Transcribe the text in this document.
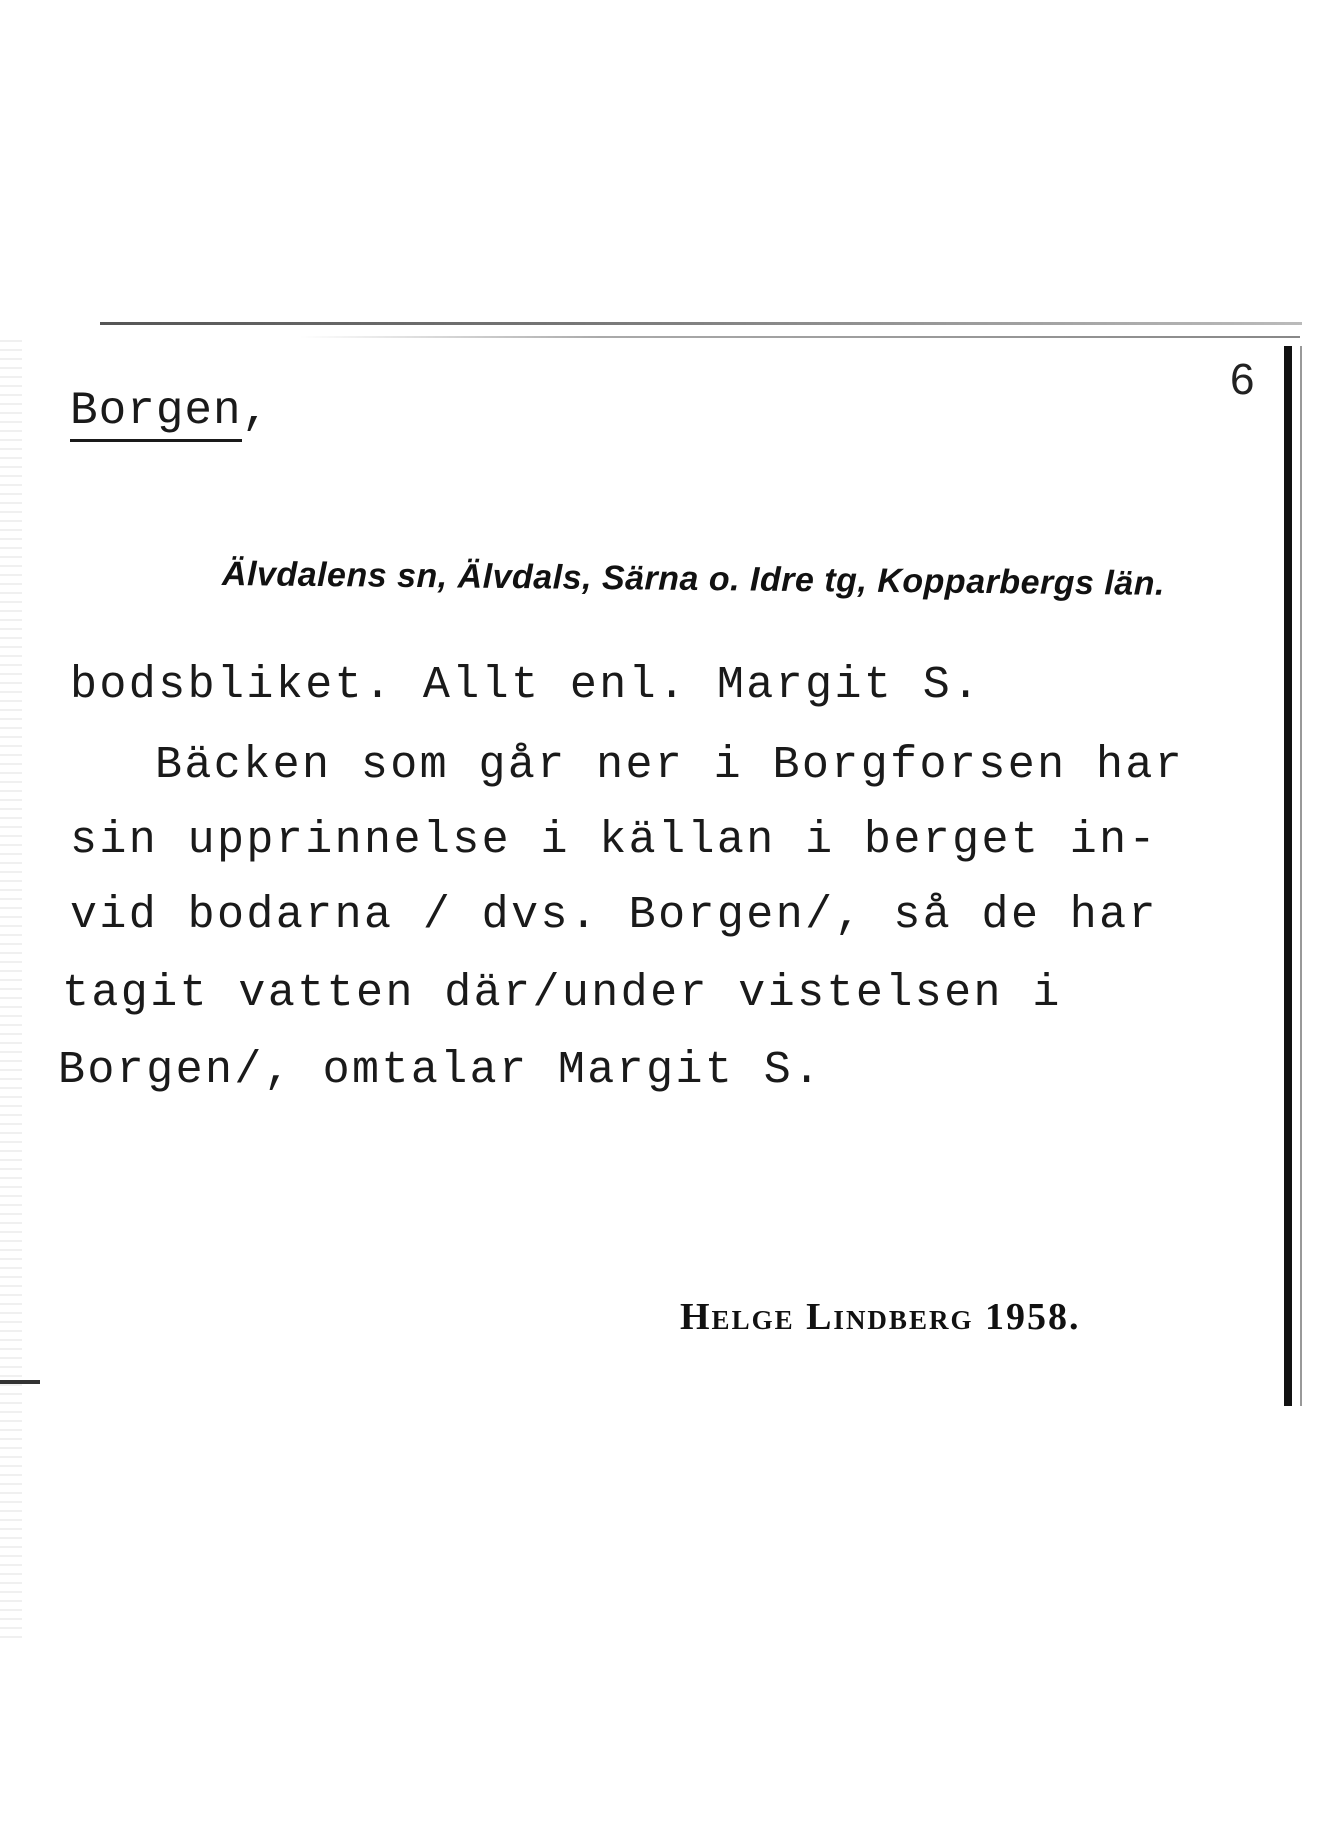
6
Borgen,
Älvdalens sn, Älvdals, Särna o. Idre tg, Kopparbergs län.
bodsbliket. Allt enl. Margit S.
Bäcken som går ner i Borgforsen har
sin upprinnelse i källan i berget in-
vid bodarna / dvs. Borgen/, så de har
tagit vatten där/under vistelsen i
Borgen/, omtalar Margit S.
Helge Lindberg 1958.
